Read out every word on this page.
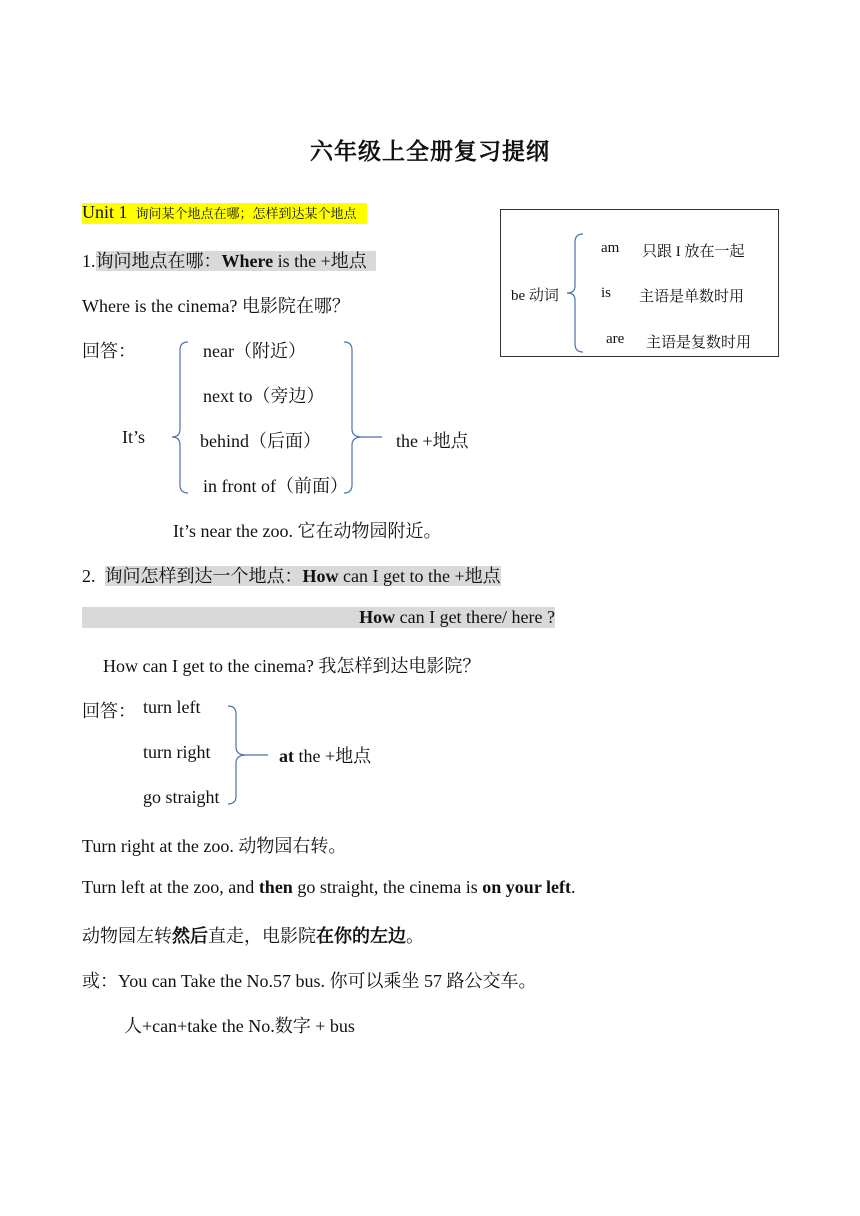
六年级上全册复习提纲
Unit 1 询问某个地点在哪；怎样到达某个地点
be 动词
am 只跟 I 放在一起
is 主语是单数时用
are 主语是复数时用
1.询问地点在哪：Where is the +地点
Where is the cinema? 电影院在哪？
回答：
It’s
near（附近）
next to（旁边）
behind（后面）
in front of（前面）
the +地点
It’s near the zoo. 它在动物园附近。
2. 询问怎样到达一个地点：How can I get to the +地点
How can I get there/ here ?
How can I get to the cinema? 我怎样到达电影院？
回答： turn left
turn right
go straight
at the +地点
Turn right at the zoo. 动物园右转。
Turn left at the zoo, and then go straight, the cinema is on your left.
动物园左转然后直走，电影院在你的左边。
或：You can Take the No.57 bus. 你可以乘坐 57 路公交车。
人+can+take the No.数字 + bus
